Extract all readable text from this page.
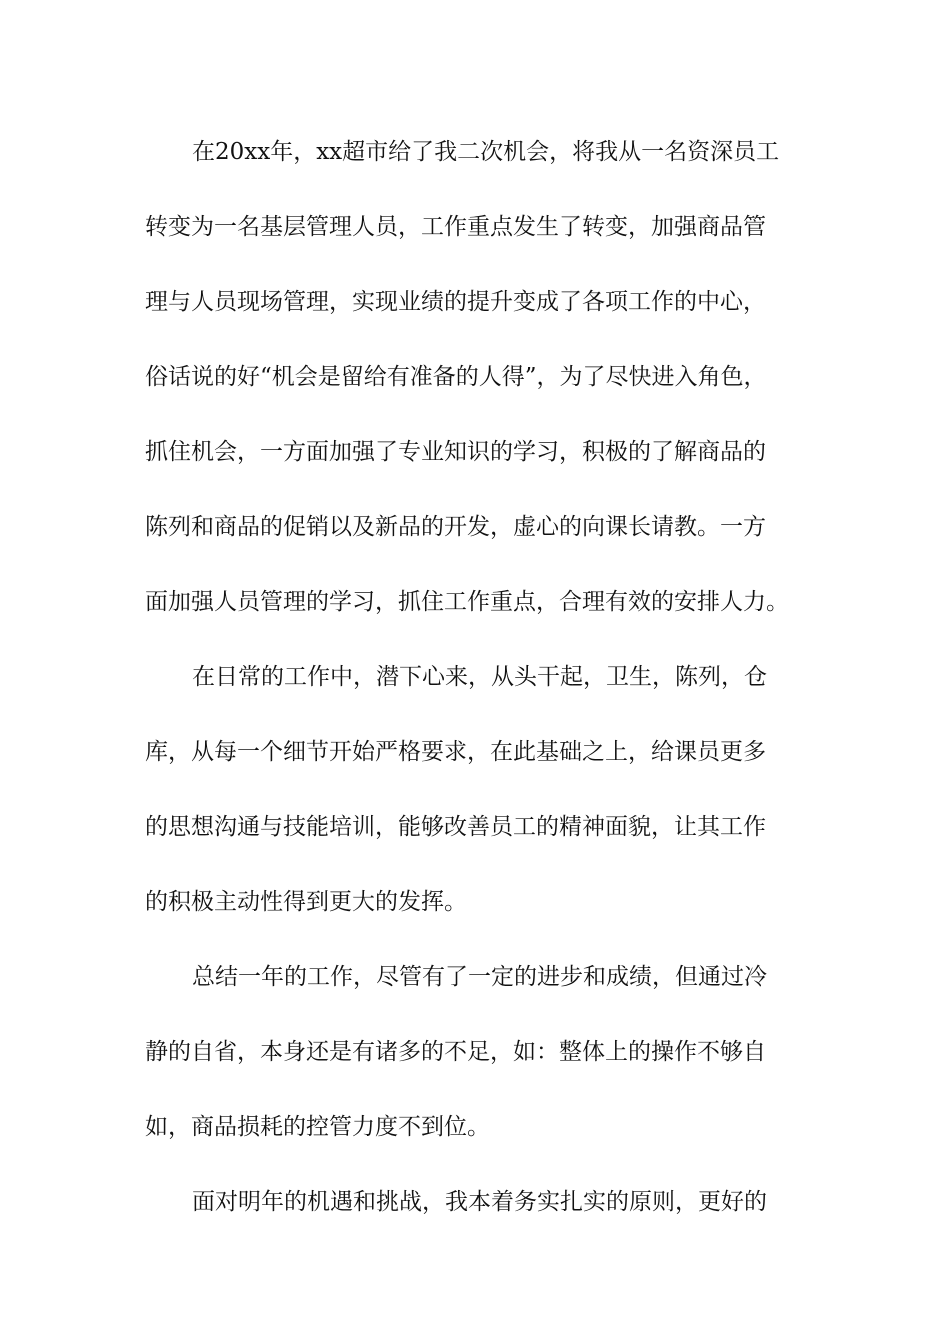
在20xx年，xx超市给了我二次机会，将我从一名资深员工
转变为一名基层管理人员，工作重点发生了转变，加强商品管
理与人员现场管理，实现业绩的提升变成了各项工作的中心，
俗话说的好“机会是留给有准备的人得”，为了尽快进入角色，
抓住机会，一方面加强了专业知识的学习，积极的了解商品的
陈列和商品的促销以及新品的开发，虚心的向课长请教。一方
面加强人员管理的学习，抓住工作重点，合理有效的安排人力。
在日常的工作中，潜下心来，从头干起，卫生，陈列，仓
库，从每一个细节开始严格要求，在此基础之上，给课员更多
的思想沟通与技能培训，能够改善员工的精神面貌，让其工作
的积极主动性得到更大的发挥。
总结一年的工作，尽管有了一定的进步和成绩，但通过冷
静的自省，本身还是有诸多的不足，如：整体上的操作不够自
如，商品损耗的控管力度不到位。
面对明年的机遇和挑战，我本着务实扎实的原则，更好的
